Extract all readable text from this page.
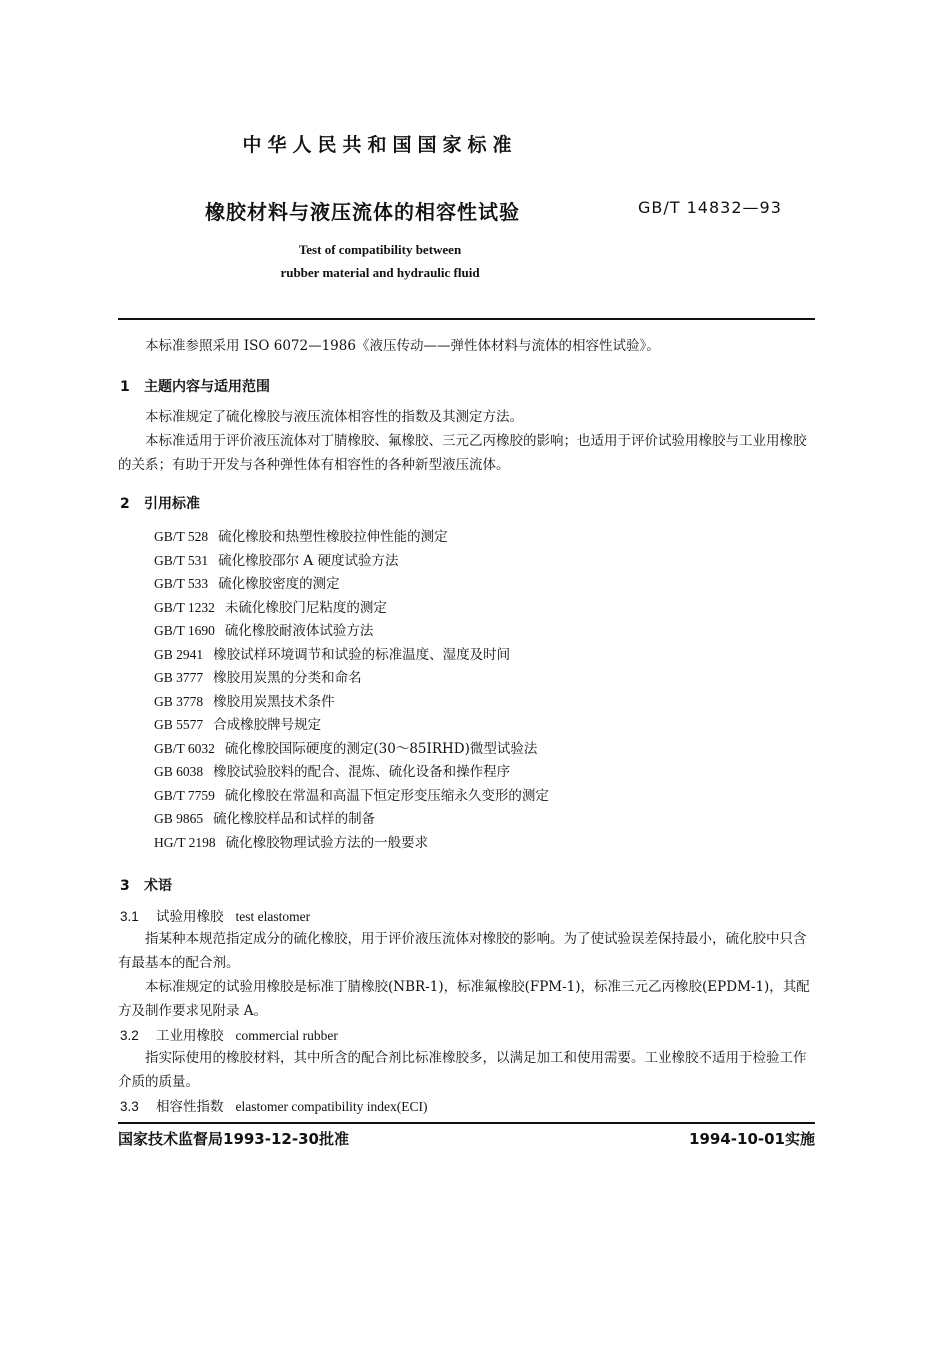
中华人民共和国国家标准
橡胶材料与液压流体的相容性试验	GB/T 14832—93
Test of compatibility between
rubber material and hydraulic fluid
本标准参照采用 ISO 6072—1986《液压传动——弹性体材料与流体的相容性试验》。
1 主题内容与适用范围
本标准规定了硫化橡胶与液压流体相容性的指数及其测定方法。
本标准适用于评价液压流体对丁腈橡胶、氟橡胶、三元乙丙橡胶的影响；也适用于评价试验用橡胶与工业用橡胶的关系；有助于开发与各种弹性体有相容性的各种新型液压流体。
2 引用标准
GB/T 528 硫化橡胶和热塑性橡胶拉伸性能的测定
GB/T 531 硫化橡胶邵尔 A 硬度试验方法
GB/T 533 硫化橡胶密度的测定
GB/T 1232 未硫化橡胶门尼粘度的测定
GB/T 1690 硫化橡胶耐液体试验方法
GB 2941 橡胶试样环境调节和试验的标准温度、湿度及时间
GB 3777 橡胶用炭黑的分类和命名
GB 3778 橡胶用炭黑技术条件
GB 5577 合成橡胶牌号规定
GB/T 6032 硫化橡胶国际硬度的测定(30～85IRHD)微型试验法
GB 6038 橡胶试验胶料的配合、混炼、硫化设备和操作程序
GB/T 7759 硫化橡胶在常温和高温下恒定形变压缩永久变形的测定
GB 9865 硫化橡胶样品和试样的制备
HG/T 2198 硫化橡胶物理试验方法的一般要求
3 术语
3.1 试验用橡胶 test elastomer
指某种本规范指定成分的硫化橡胶，用于评价液压流体对橡胶的影响。为了使试验误差保持最小，硫化胶中只含有最基本的配合剂。
本标准规定的试验用橡胶是标准丁腈橡胶(NBR-1)，标准氟橡胶(FPM-1)，标准三元乙丙橡胶(EPDM-1)，其配方及制作要求见附录 A。
3.2 工业用橡胶 commercial rubber
指实际使用的橡胶材料，其中所含的配合剂比标准橡胶多，以满足加工和使用需要。工业橡胶不适用于检验工作介质的质量。
3.3 相容性指数 elastomer compatibility index(ECI)
国家技术监督局1993-12-30批准	1994-10-01实施
